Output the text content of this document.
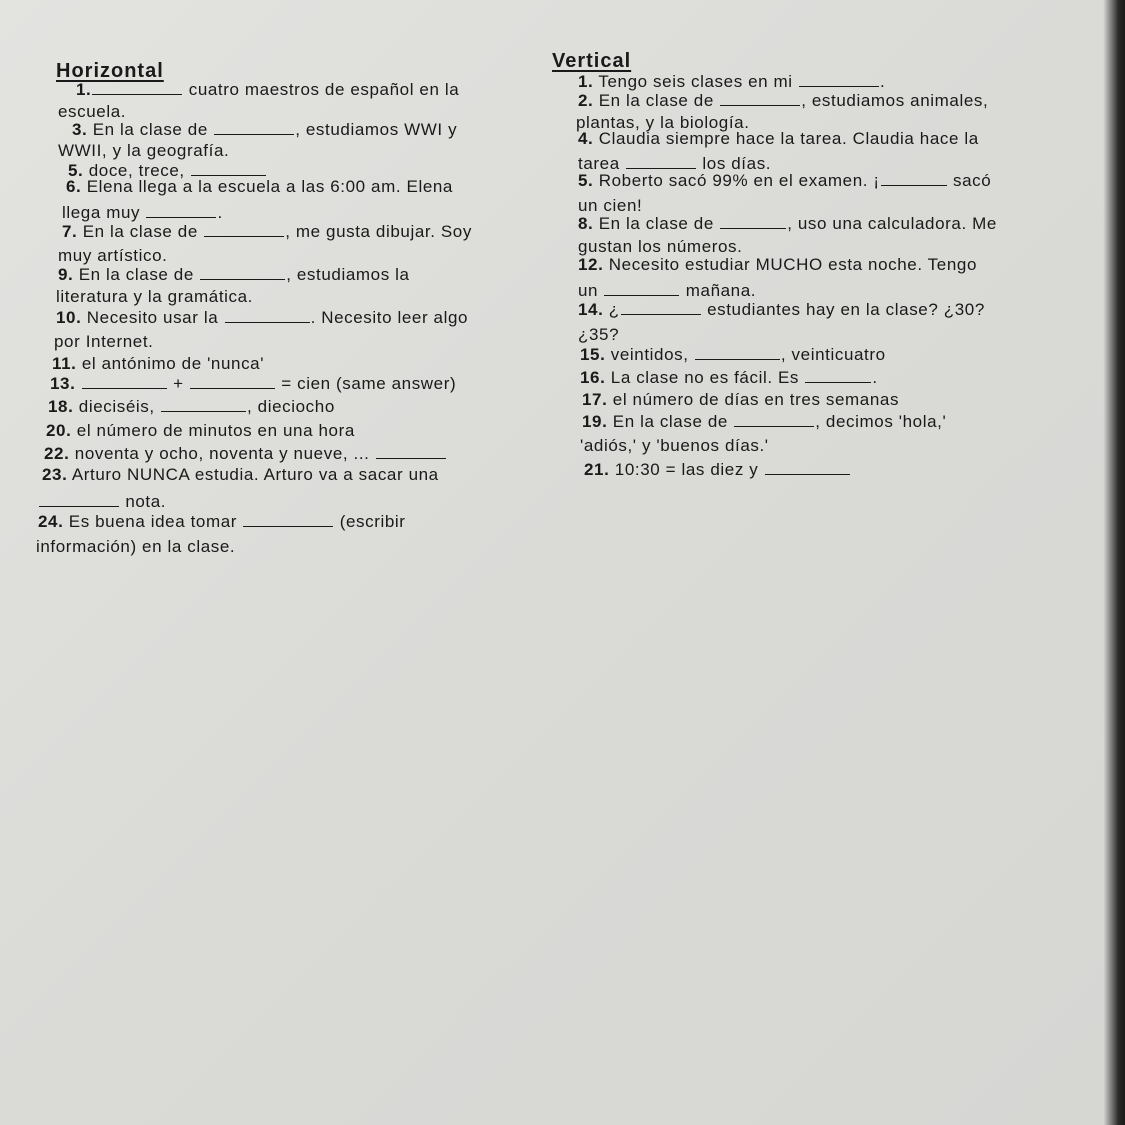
Horizontal	Vertical
1.	cuatro maestros de español en la
escuela.
3. En la clase de	, estudiamos WWI y
WWII, y la geografía.
5. doce, trece,
6. Elena llega a la escuela a las 6:00 am. Elena
llega muy	.
7. En la clase de	, me gusta dibujar. Soy
muy artístico.
9. En la clase de	, estudiamos la
literatura y la gramática.
10. Necesito usar la	. Necesito leer algo
por Internet.
11. el antónimo de 'nunca'
13.	+	= cien (same answer)
18. dieciséis,	, dieciocho
20. el número de minutos en una hora
22. noventa y ocho, noventa y nueve, ...
23. Arturo NUNCA estudia. Arturo va a sacar una
nota.
24. Es buena idea tomar	(escribir
información) en la clase.
1. Tengo seis clases en mi	.
2. En la clase de	, estudiamos animales,
plantas, y la biología.
4. Claudia siempre hace la tarea. Claudia hace la
tarea	los días.
5. Roberto sacó 99% en el examen. ¡	sacó
un cien!
8. En la clase de	, uso una calculadora. Me
gustan los números.
12. Necesito estudiar MUCHO esta noche. Tengo
un	mañana.
14. ¿	estudiantes hay en la clase? ¿30?
¿35?
15. veintidos,	, veinticuatro
16. La clase no es fácil. Es	.
17. el número de días en tres semanas
19. En la clase de	, decimos 'hola,'
'adiós,' y 'buenos días.'
21. 10:30 = las diez y
